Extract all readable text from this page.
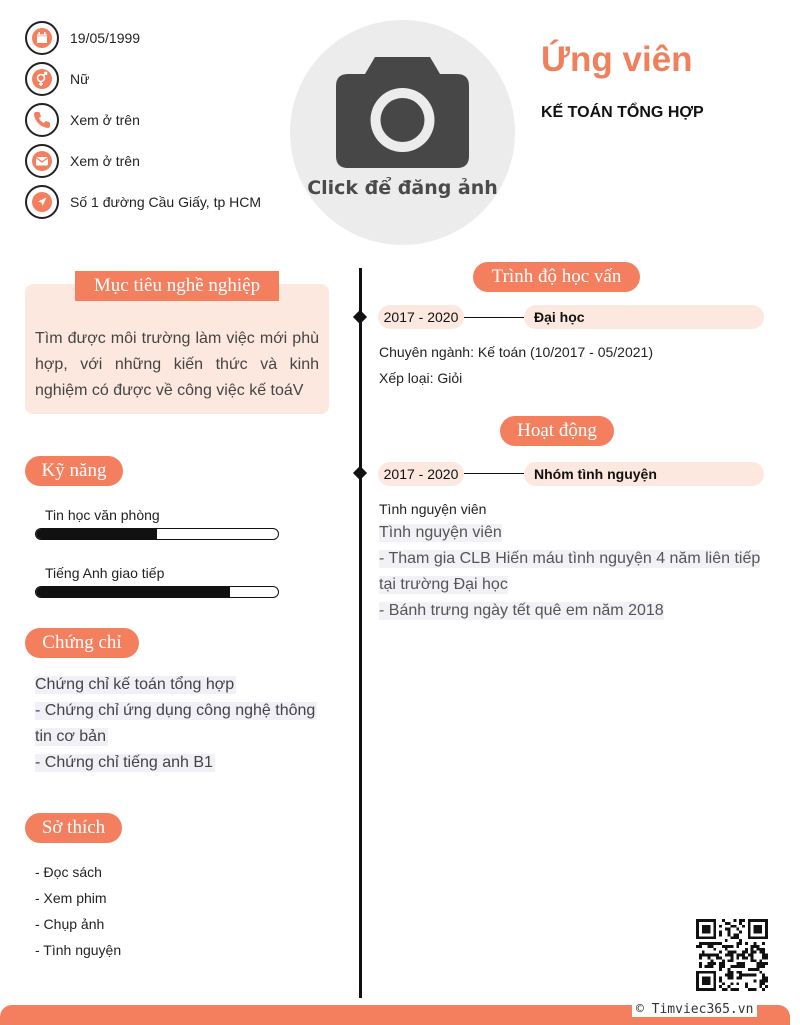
19/05/1999
Nữ
Xem ở trên
Xem ở trên
Số 1 đường Cầu Giấy, tp HCM
Click để đăng ảnh
Ứng viên
KẾ TOÁN TỔNG HỢP
Mục tiêu nghề nghiệp
Tìm được môi trường làm việc mới phù
hợp, với những kiến thức và kinh
nghiệm có được về công việc kế toáV
Kỹ năng
Tin học văn phòng
Tiếng Anh giao tiếp
Chứng chỉ
Chứng chỉ kế toán tổng hợp
- Chứng chỉ ứng dụng công nghệ thông
tin cơ bản
- Chứng chỉ tiếng anh B1
Sở thích
- Đọc sách
- Xem phim
- Chụp ảnh
- Tình nguyện
Trình độ học vấn
2017 - 2020	Đại học
Chuyên ngành: Kế toán (10/2017 - 05/2021)
Xếp loại: Giỏi
Hoạt động
2017 - 2020	Nhóm tình nguyện
Tình nguyện viên
Tình nguyện viên
- Tham gia CLB Hiến máu tình nguyện 4 năm liên tiếp
tại trường Đại học
- Bánh trưng ngày tết quê em năm 2018
© Timviec365.vn
